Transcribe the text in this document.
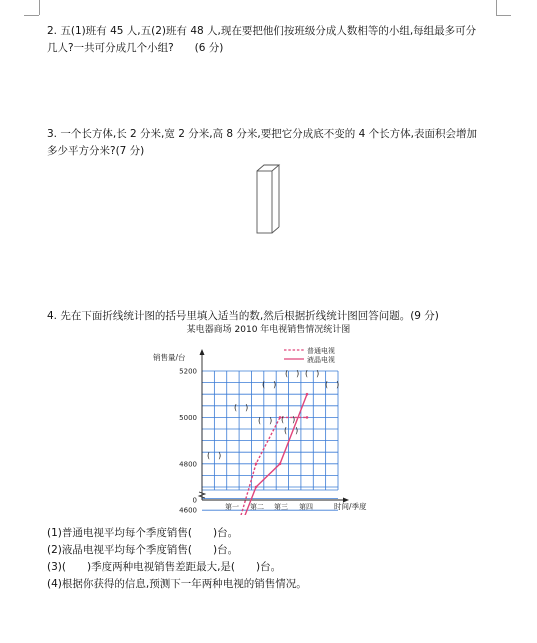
2. 五(1)班有 45 人,五(2)班有 48 人,现在要把他们按班级分成人数相等的小组,每组最多可分
几人?一共可分成几个小组?　　(6 分)
3. 一个长方体,长 2 分米,宽 2 分米,高 8 分米,要把它分成底不变的 4 个长方体,表面积会增加
多少平方分米?(7 分)
4. 先在下面折线统计图的括号里填入适当的数,然后根据折线统计图回答问题。(9 分)
某电器商场 2010 年电视销售情况统计图
5200
5000
4800
4600
0
第一 第二 第三 第四
(　)
(　)
(　)
(　) (　)
(　) (　)
(　)
(　)
普通电视
液晶电视
销售量/台
时间/季度
(1)普通电视平均每个季度销售(　　)台。
(2)液晶电视平均每个季度销售(　　)台。
(3)(　　)季度两种电视销售差距最大,是(　　)台。
(4)根据你获得的信息,预测下一年两种电视的销售情况。
